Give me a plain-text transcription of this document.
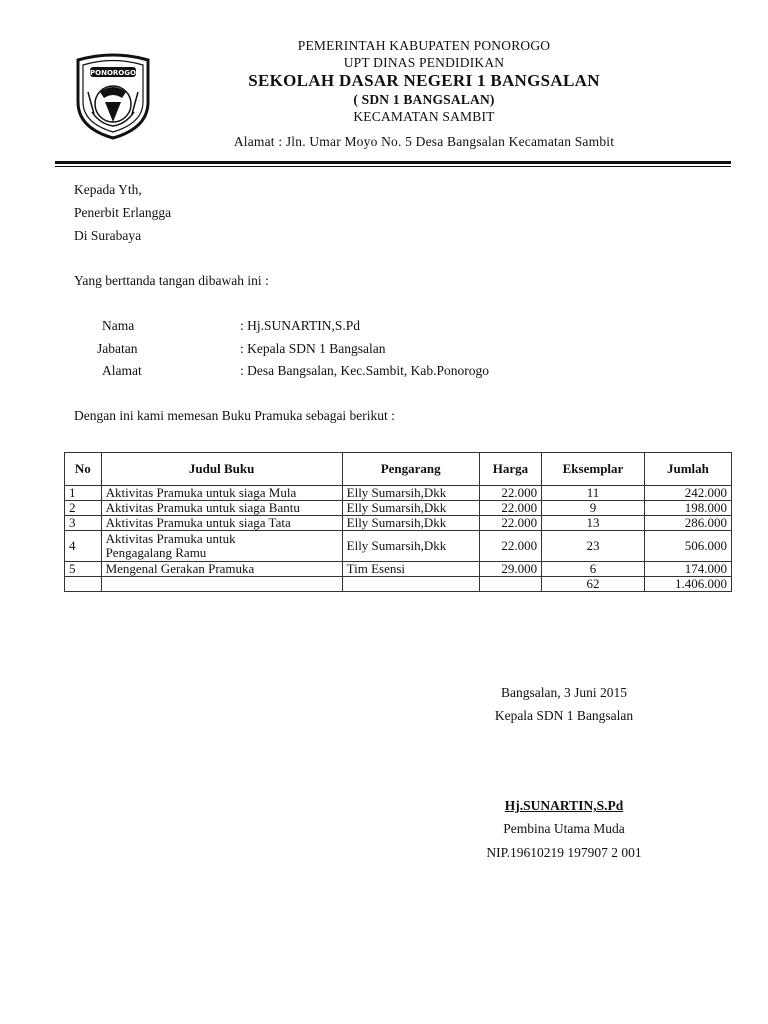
PONOROGO
PEMERINTAH KABUPATEN PONOROGO
UPT DINAS PENDIDIKAN
SEKOLAH DASAR NEGERI 1 BANGSALAN
( SDN 1 BANGSALAN)
KECAMATAN SAMBIT
Alamat : Jln. Umar Moyo No. 5 Desa Bangsalan Kecamatan Sambit
Kepada Yth,
Penerbit Erlangga
Di Surabaya
Yang berttanda tangan dibawah ini :
Nama	: Hj.SUNARTIN,S.Pd
Jabatan	: Kepala SDN 1 Bangsalan
Alamat	: Desa Bangsalan, Kec.Sambit, Kab.Ponorogo
Dengan ini kami memesan Buku Pramuka sebagai berikut :
No	Judul Buku	Pengarang	Harga	Eksemplar	Jumlah
1	Aktivitas Pramuka untuk siaga Mula	Elly Sumarsih,Dkk	22.000	11	242.000
2	Aktivitas Pramuka untuk siaga Bantu	Elly Sumarsih,Dkk	22.000	9	198.000
3	Aktivitas Pramuka untuk siaga Tata	Elly Sumarsih,Dkk	22.000	13	286.000
4	Aktivitas Pramuka untuk
Pengagalang Ramu	Elly Sumarsih,Dkk	22.000	23	506.000
5	Mengenal Gerakan Pramuka	Tim Esensi	29.000	6	174.000
				62	1.406.000
Bangsalan, 3 Juni 2015
Kepala SDN 1 Bangsalan
Hj.SUNARTIN,S.Pd
Pembina Utama Muda
NIP.19610219 197907 2 001
